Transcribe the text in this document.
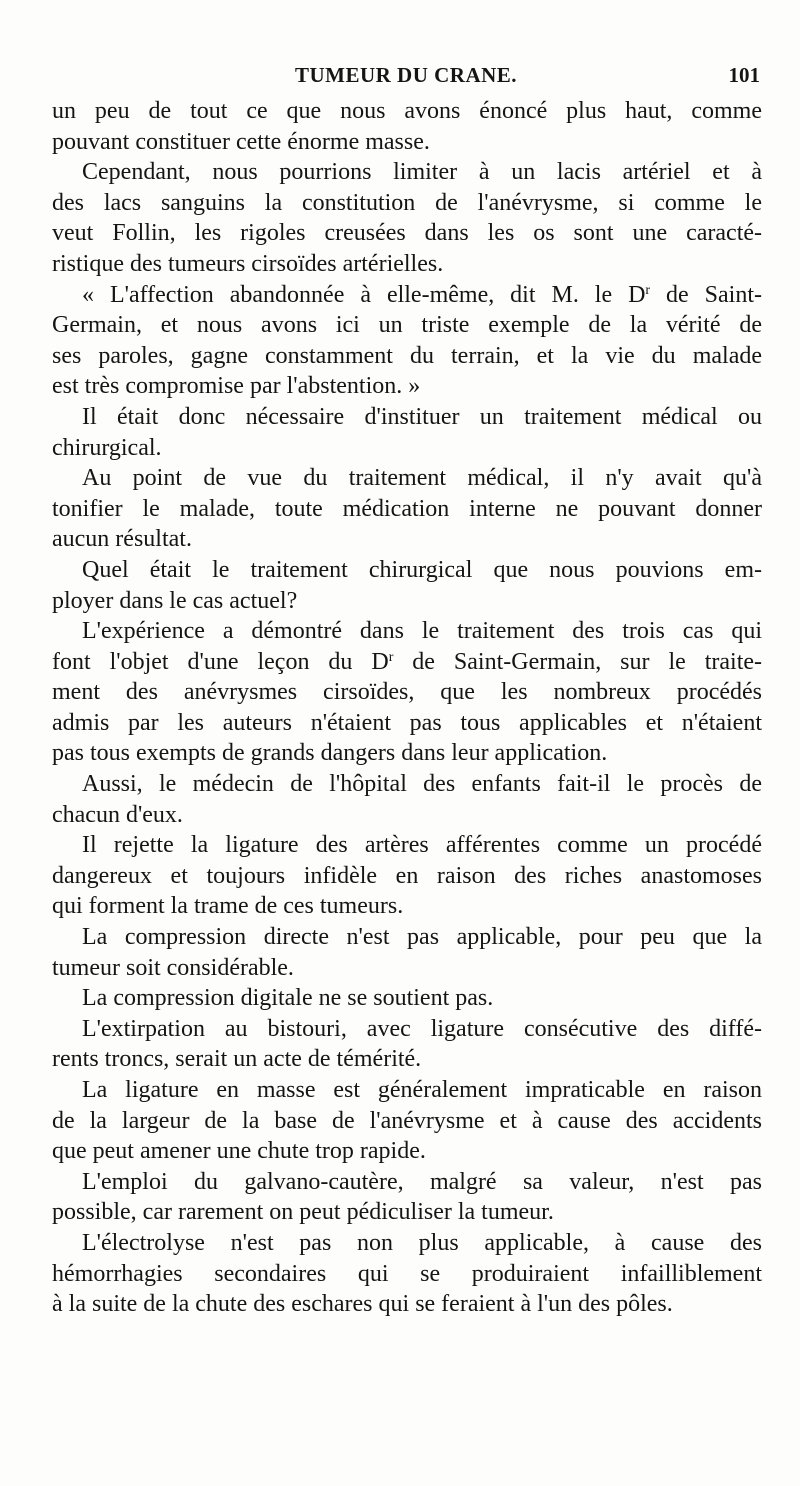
TUMEUR DU CRANE.	101
un peu de tout ce que nous avons énoncé plus haut, comme
pouvant constituer cette énorme masse.
Cependant, nous pourrions limiter à un lacis artériel et à
des lacs sanguins la constitution de l'anévrysme, si comme le
veut Follin, les rigoles creusées dans les os sont une caracté-
ristique des tumeurs cirsoïdes artérielles.
« L'affection abandonnée à elle-même, dit M. le $D^r$ de Saint-
Germain, et nous avons ici un triste exemple de la vérité de
ses paroles, gagne constamment du terrain, et la vie du malade
est très compromise par l'abstention. »
Il était donc nécessaire d'instituer un traitement médical ou
chirurgical.
Au point de vue du traitement médical, il n'y avait qu'à
tonifier le malade, toute médication interne ne pouvant donner
aucun résultat.
Quel était le traitement chirurgical que nous pouvions em-
ployer dans le cas actuel?
L'expérience a démontré dans le traitement des trois cas qui
font l'objet d'une leçon du $D^r$ de Saint-Germain, sur le traite-
ment des anévrysmes cirsoïdes, que les nombreux procédés
admis par les auteurs n'étaient pas tous applicables et n'étaient
pas tous exempts de grands dangers dans leur application.
Aussi, le médecin de l'hôpital des enfants fait-il le procès de
chacun d'eux.
Il rejette la ligature des artères afférentes comme un procédé
dangereux et toujours infidèle en raison des riches anastomoses
qui forment la trame de ces tumeurs.
La compression directe n'est pas applicable, pour peu que la
tumeur soit considérable.
La compression digitale ne se soutient pas.
L'extirpation au bistouri, avec ligature consécutive des diffé-
rents troncs, serait un acte de témérité.
La ligature en masse est généralement impraticable en raison
de la largeur de la base de l'anévrysme et à cause des accidents
que peut amener une chute trop rapide.
L'emploi du galvano-cautère, malgré sa valeur, n'est pas
possible, car rarement on peut pédiculiser la tumeur.
L'électrolyse n'est pas non plus applicable, à cause des
hémorrhagies secondaires qui se produiraient infailliblement
à la suite de la chute des eschares qui se feraient à l'un des pôles.
